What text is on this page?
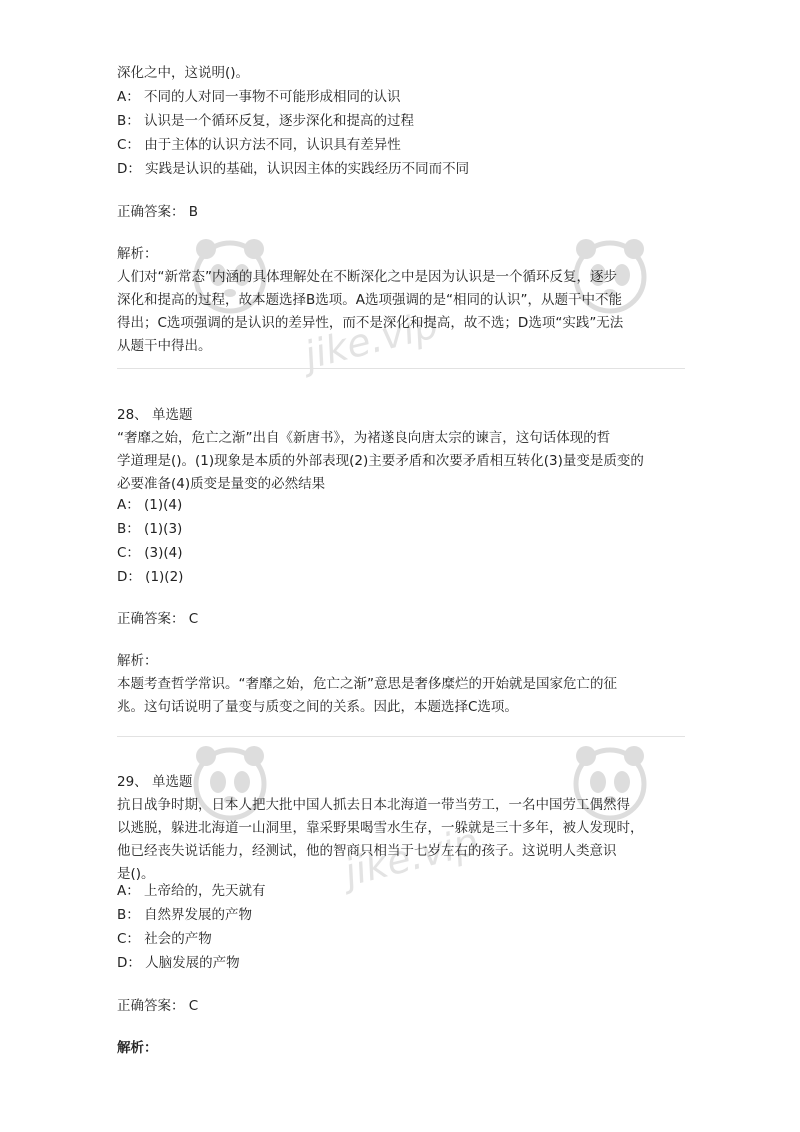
jike.vip
jike.vip
深化之中，这说明()。
A： 不同的人对同一事物不可能形成相同的认识
B： 认识是一个循环反复，逐步深化和提高的过程
C： 由于主体的认识方法不同，认识具有差异性
D： 实践是认识的基础，认识因主体的实践经历不同而不同
正确答案： B
解析：
人们对“新常态”内涵的具体理解处在不断深化之中是因为认识是一个循环反复，逐步
深化和提高的过程，故本题选择B选项。A选项强调的是“相同的认识”，从题干中不能
得出；C选项强调的是认识的差异性，而不是深化和提高，故不选；D选项“实践”无法
从题干中得出。
28、 单选题
“奢靡之始，危亡之渐”出自《新唐书》，为褚遂良向唐太宗的谏言，这句话体现的哲
学道理是()。(1)现象是本质的外部表现(2)主要矛盾和次要矛盾相互转化(3)量变是质变的
必要准备(4)质变是量变的必然结果
A： (1)(4)
B： (1)(3)
C： (3)(4)
D： (1)(2)
正确答案： C
解析：
本题考查哲学常识。“奢靡之始，危亡之渐”意思是奢侈糜烂的开始就是国家危亡的征
兆。这句话说明了量变与质变之间的关系。因此，本题选择C选项。
29、 单选题
抗日战争时期，日本人把大批中国人抓去日本北海道一带当劳工，一名中国劳工偶然得
以逃脱，躲进北海道一山洞里，靠采野果喝雪水生存，一躲就是三十多年，被人发现时，
他已经丧失说话能力，经测试，他的智商只相当于七岁左右的孩子。这说明人类意识
是()。
A： 上帝给的，先天就有
B： 自然界发展的产物
C： 社会的产物
D： 人脑发展的产物
正确答案： C
解析：
